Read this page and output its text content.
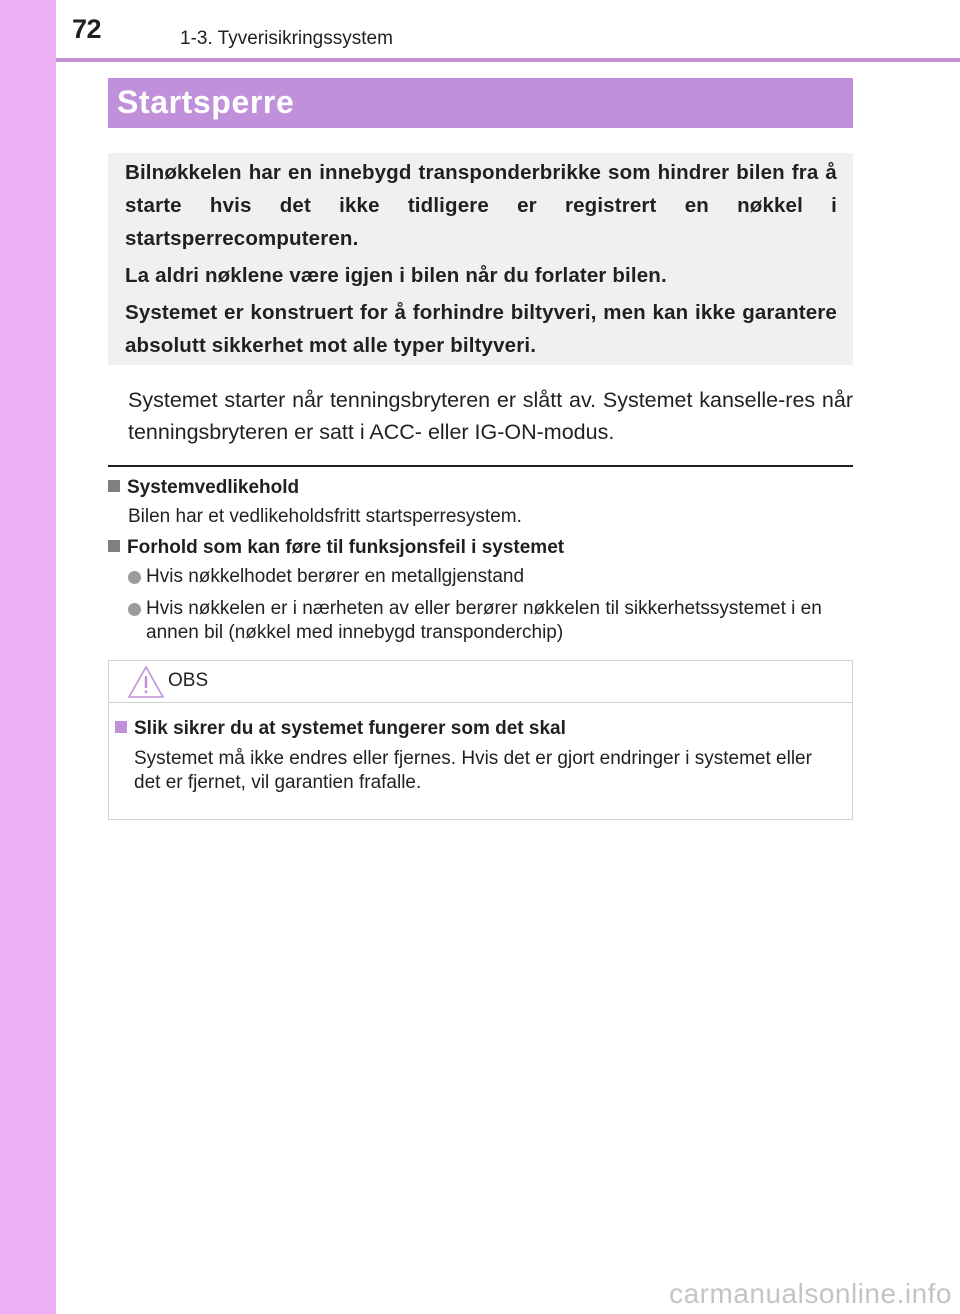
72	1-3. Tyverisikringssystem
Startsperre

Bilnøkkelen har en innebygd transponderbrikke som hindrer bilen fra å starte hvis det ikke tidligere er registrert en nøkkel i startsperrecomputeren.

La aldri nøklene være igjen i bilen når du forlater bilen.

Systemet er konstruert for å forhindre biltyveri, men kan ikke garantere absolutt sikkerhet mot alle typer biltyveri.

Systemet starter når tenningsbryteren er slått av. Systemet kanselle-res når tenningsbryteren er satt i ACC- eller IG-ON-modus.
Systemvedlikehold
Bilen har et vedlikeholdsfritt startsperresystem.
Forhold som kan føre til funksjonsfeil i systemet
Hvis nøkkelhodet berører en metallgjenstand
Hvis nøkkelen er i nærheten av eller berører nøkkelen til sikkerhetssystemet i en annen bil (nøkkel med innebygd transponderchip)
OBS
Slik sikrer du at systemet fungerer som det skal
Systemet må ikke endres eller fjernes. Hvis det er gjort endringer i systemet eller det er fjernet, vil garantien frafalle.
carmanualsonline.info
